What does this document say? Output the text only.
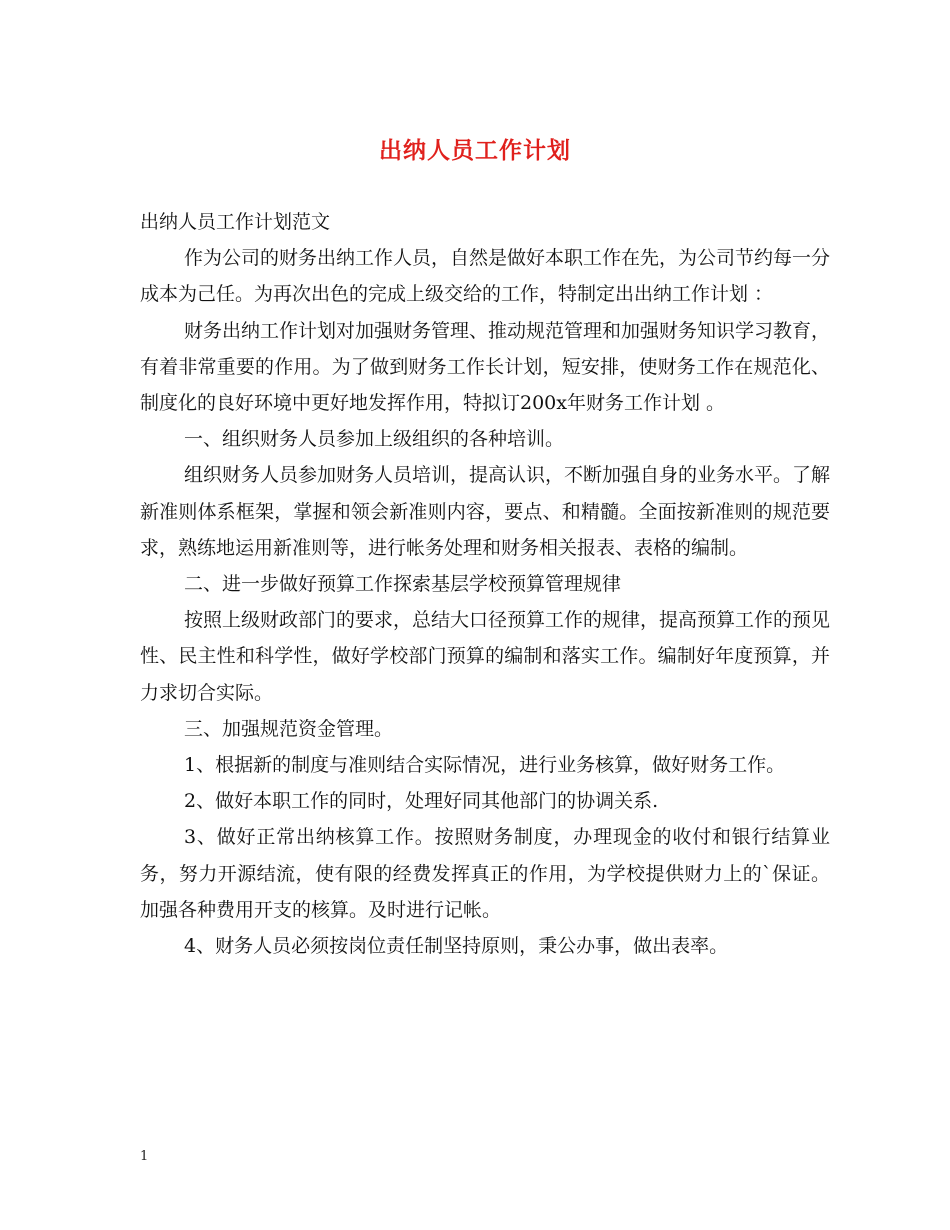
出纳人员工作计划

出纳人员工作计划范文

作为公司的财务出纳工作人员，自然是做好本职工作在先，为公司节约每一分成本为己任。为再次出色的完成上级交给的工作，特制定出出纳工作计划 ：

财务出纳工作计划对加强财务管理、推动规范管理和加强财务知识学习教育，有着非常重要的作用。为了做到财务工作长计划，短安排，使财务工作在规范化、制度化的良好环境中更好地发挥作用，特拟订200x年财务工作计划 。

一、组织财务人员参加上级组织的各种培训。

组织财务人员参加财务人员培训，提高认识，不断加强自身的业务水平。了解新准则体系框架，掌握和领会新准则内容，要点、和精髓。全面按新准则的规范要求，熟练地运用新准则等，进行帐务处理和财务相关报表、表格的编制。

二、进一步做好预算工作探索基层学校预算管理规律

按照上级财政部门的要求，总结大口径预算工作的规律，提高预算工作的预见性、民主性和科学性，做好学校部门预算的编制和落实工作。编制好年度预算，并力求切合实际。

三、加强规范资金管理。

1、根据新的制度与准则结合实际情况，进行业务核算，做好财务工作。

2、做好本职工作的同时，处理好同其他部门的协调关系.

3、做好正常出纳核算工作。按照财务制度，办理现金的收付和银行结算业务，努力开源结流，使有限的经费发挥真正的作用，为学校提供财力上的`保证。加强各种费用开支的核算。及时进行记帐。

4、财务人员必须按岗位责任制坚持原则，秉公办事，做出表率。

1
